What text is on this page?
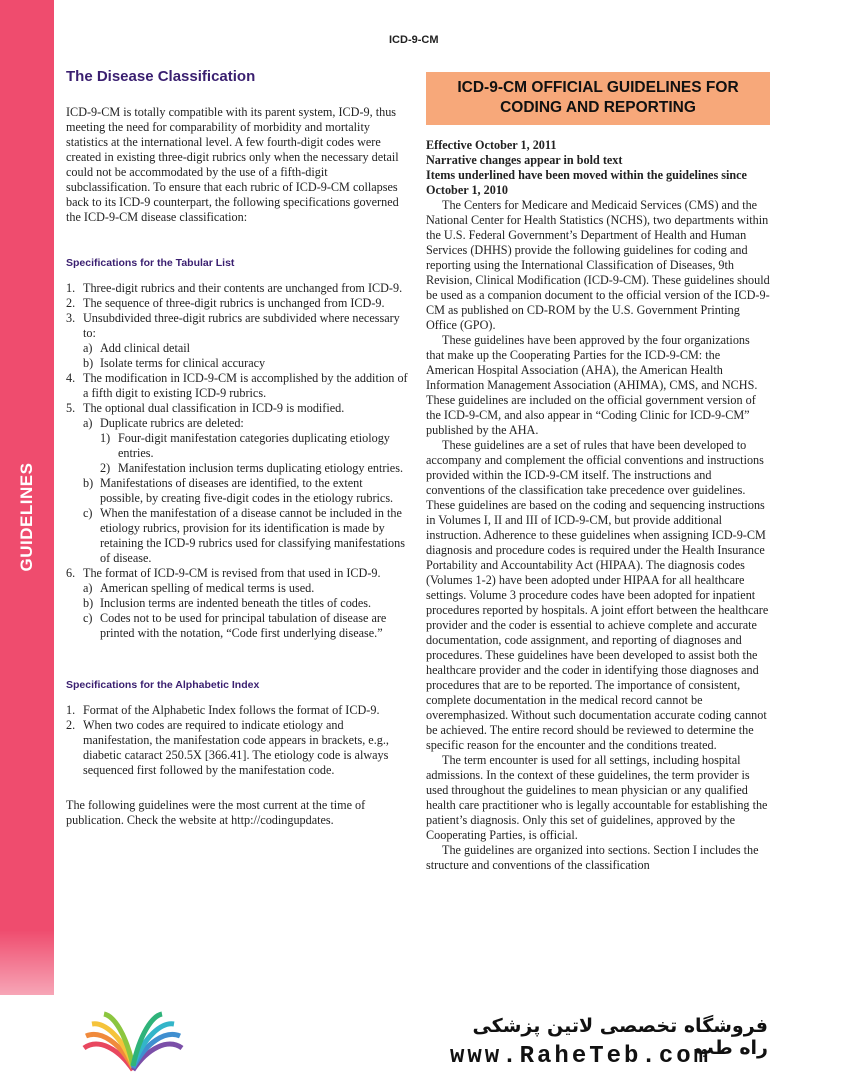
GUIDELINES
ICD-9-CM
The Disease Classification

ICD-9-CM is totally compatible with its parent system, ICD-9, thus meeting the need for comparability of morbidity and mortality statistics at the international level. A few fourth-digit codes were created in existing three-digit rubrics only when the necessary detail could not be accommodated by the use of a fifth-digit subclassification. To ensure that each rubric of ICD-9-CM collapses back to its ICD-9 counterpart, the following specifications governed the ICD-9-CM disease classification:

Specifications for the Tabular List
1. Three-digit rubrics and their contents are unchanged from ICD-9.
2. The sequence of three-digit rubrics is unchanged from ICD-9.
3. Unsubdivided three-digit rubrics are subdivided where necessary to:
a) Add clinical detail
b) Isolate terms for clinical accuracy
4. The modification in ICD-9-CM is accomplished by the addition of a fifth digit to existing ICD-9 rubrics.
5. The optional dual classification in ICD-9 is modified.
a) Duplicate rubrics are deleted:
1) Four-digit manifestation categories duplicating etiology entries.
2) Manifestation inclusion terms duplicating etiology entries.
b) Manifestations of diseases are identified, to the extent possible, by creating five-digit codes in the etiology rubrics.
c) When the manifestation of a disease cannot be included in the etiology rubrics, provision for its identification is made by retaining the ICD-9 rubrics used for classifying manifestations of disease.
6. The format of ICD-9-CM is revised from that used in ICD-9.
a) American spelling of medical terms is used.
b) Inclusion terms are indented beneath the titles of codes.
c) Codes not to be used for principal tabulation of disease are printed with the notation, “Code first underlying disease.”
Specifications for the Alphabetic Index
1. Format of the Alphabetic Index follows the format of ICD-9.
2. When two codes are required to indicate etiology and manifestation, the manifestation code appears in brackets, e.g., diabetic cataract 250.5X [366.41]. The etiology code is always sequenced first followed by the manifestation code.

The following guidelines were the most current at the time of publication. Check the website at http://codingupdates.

ICD-9-CM OFFICIAL GUIDELINES FOR CODING AND REPORTING
Effective October 1, 2011
Narrative changes appear in bold text
Items underlined have been moved within the guidelines since October 1, 2010

The Centers for Medicare and Medicaid Services (CMS) and the National Center for Health Statistics (NCHS), two departments within the U.S. Federal Government’s Department of Health and Human Services (DHHS) provide the following guidelines for coding and reporting using the International Classification of Diseases, 9th Revision, Clinical Modification (ICD-9-CM). These guidelines should be used as a companion document to the official version of the ICD-9-CM as published on CD-ROM by the U.S. Government Printing Office (GPO).

These guidelines have been approved by the four organizations that make up the Cooperating Parties for the ICD-9-CM: the American Hospital Association (AHA), the American Health Information Management Association (AHIMA), CMS, and NCHS. These guidelines are included on the official government version of the ICD-9-CM, and also appear in “Coding Clinic for ICD-9-CM” published by the AHA.

These guidelines are a set of rules that have been developed to accompany and complement the official conventions and instructions provided within the ICD-9-CM itself. The instructions and conventions of the classification take precedence over guidelines. These guidelines are based on the coding and sequencing instructions in Volumes I, II and III of ICD-9-CM, but provide additional instruction. Adherence to these guidelines when assigning ICD-9-CM diagnosis and procedure codes is required under the Health Insurance Portability and Accountability Act (HIPAA). The diagnosis codes (Volumes 1-2) have been adopted under HIPAA for all healthcare settings. Volume 3 procedure codes have been adopted for inpatient procedures reported by hospitals. A joint effort between the healthcare provider and the coder is essential to achieve complete and accurate documentation, code assignment, and reporting of diagnoses and procedures. These guidelines have been developed to assist both the healthcare provider and the coder in identifying those diagnoses and procedures that are to be reported. The importance of consistent, complete documentation in the medical record cannot be overemphasized. Without such documentation accurate coding cannot be achieved. The entire record should be reviewed to determine the specific reason for the encounter and the conditions treated.

The term encounter is used for all settings, including hospital admissions. In the context of these guidelines, the term provider is used throughout the guidelines to mean physician or any qualified health care practitioner who is legally accountable for establishing the patient’s diagnosis. Only this set of guidelines, approved by the Cooperating Parties, is official.

The guidelines are organized into sections. Section I includes the structure and conventions of the classification

فروشگاه تخصصی لاتین پزشکی راه طب
www.RaheTeb.com
